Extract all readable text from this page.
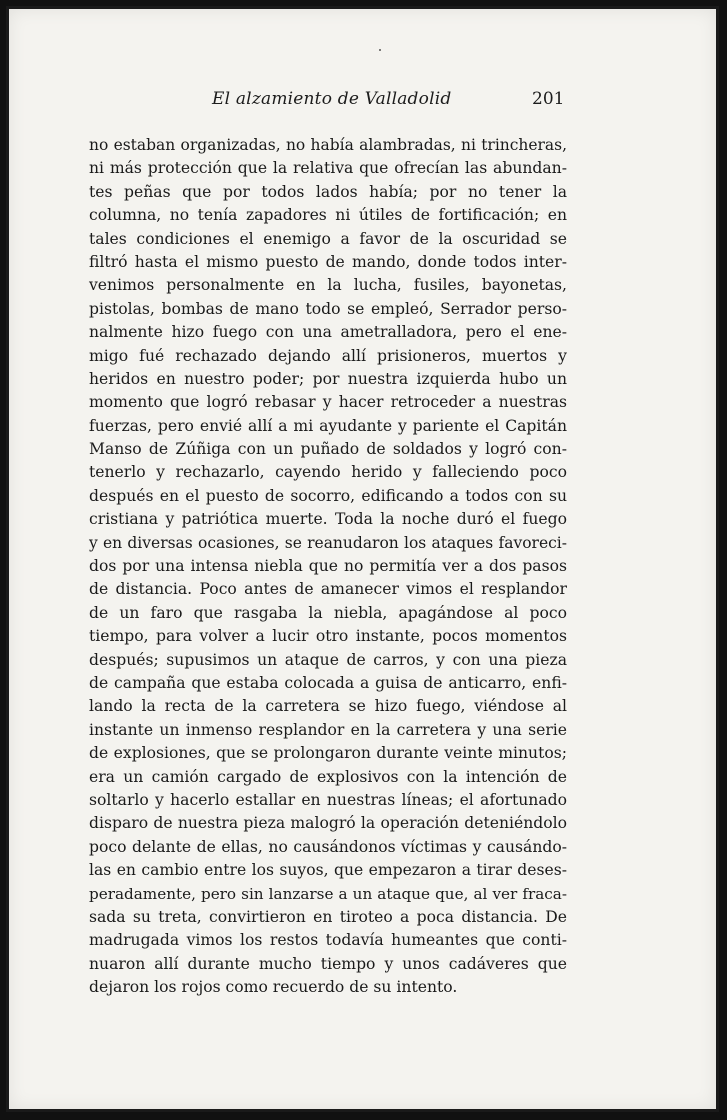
El alzamiento de Valladolid	201
no estaban organizadas, no había alambradas, ni trincheras,
ni más protección que la relativa que ofrecían las abundan-
tes peñas que por todos lados había; por no tener la
columna, no tenía zapadores ni útiles de fortificación; en
tales condiciones el enemigo a favor de la oscuridad se
filtró hasta el mismo puesto de mando, donde todos inter-
venimos personalmente en la lucha, fusiles, bayonetas,
pistolas, bombas de mano todo se empleó, Serrador perso-
nalmente hizo fuego con una ametralladora, pero el ene-
migo fué rechazado dejando allí prisioneros, muertos y
heridos en nuestro poder; por nuestra izquierda hubo un
momento que logró rebasar y hacer retroceder a nuestras
fuerzas, pero envié allí a mi ayudante y pariente el Capitán
Manso de Zúñiga con un puñado de soldados y logró con-
tenerlo y rechazarlo, cayendo herido y falleciendo poco
después en el puesto de socorro, edificando a todos con su
cristiana y patriótica muerte. Toda la noche duró el fuego
y en diversas ocasiones, se reanudaron los ataques favoreci-
dos por una intensa niebla que no permitía ver a dos pasos
de distancia. Poco antes de amanecer vimos el resplandor
de un faro que rasgaba la niebla, apagándose al poco
tiempo, para volver a lucir otro instante, pocos momentos
después; supusimos un ataque de carros, y con una pieza
de campaña que estaba colocada a guisa de anticarro, enfi-
lando la recta de la carretera se hizo fuego, viéndose al
instante un inmenso resplandor en la carretera y una serie
de explosiones, que se prolongaron durante veinte minutos;
era un camión cargado de explosivos con la intención de
soltarlo y hacerlo estallar en nuestras líneas; el afortunado
disparo de nuestra pieza malogró la operación deteniéndolo
poco delante de ellas, no causándonos víctimas y causándo-
las en cambio entre los suyos, que empezaron a tirar deses-
peradamente, pero sin lanzarse a un ataque que, al ver fraca-
sada su treta, convirtieron en tiroteo a poca distancia. De
madrugada vimos los restos todavía humeantes que conti-
nuaron allí durante mucho tiempo y unos cadáveres que
dejaron los rojos como recuerdo de su intento.
